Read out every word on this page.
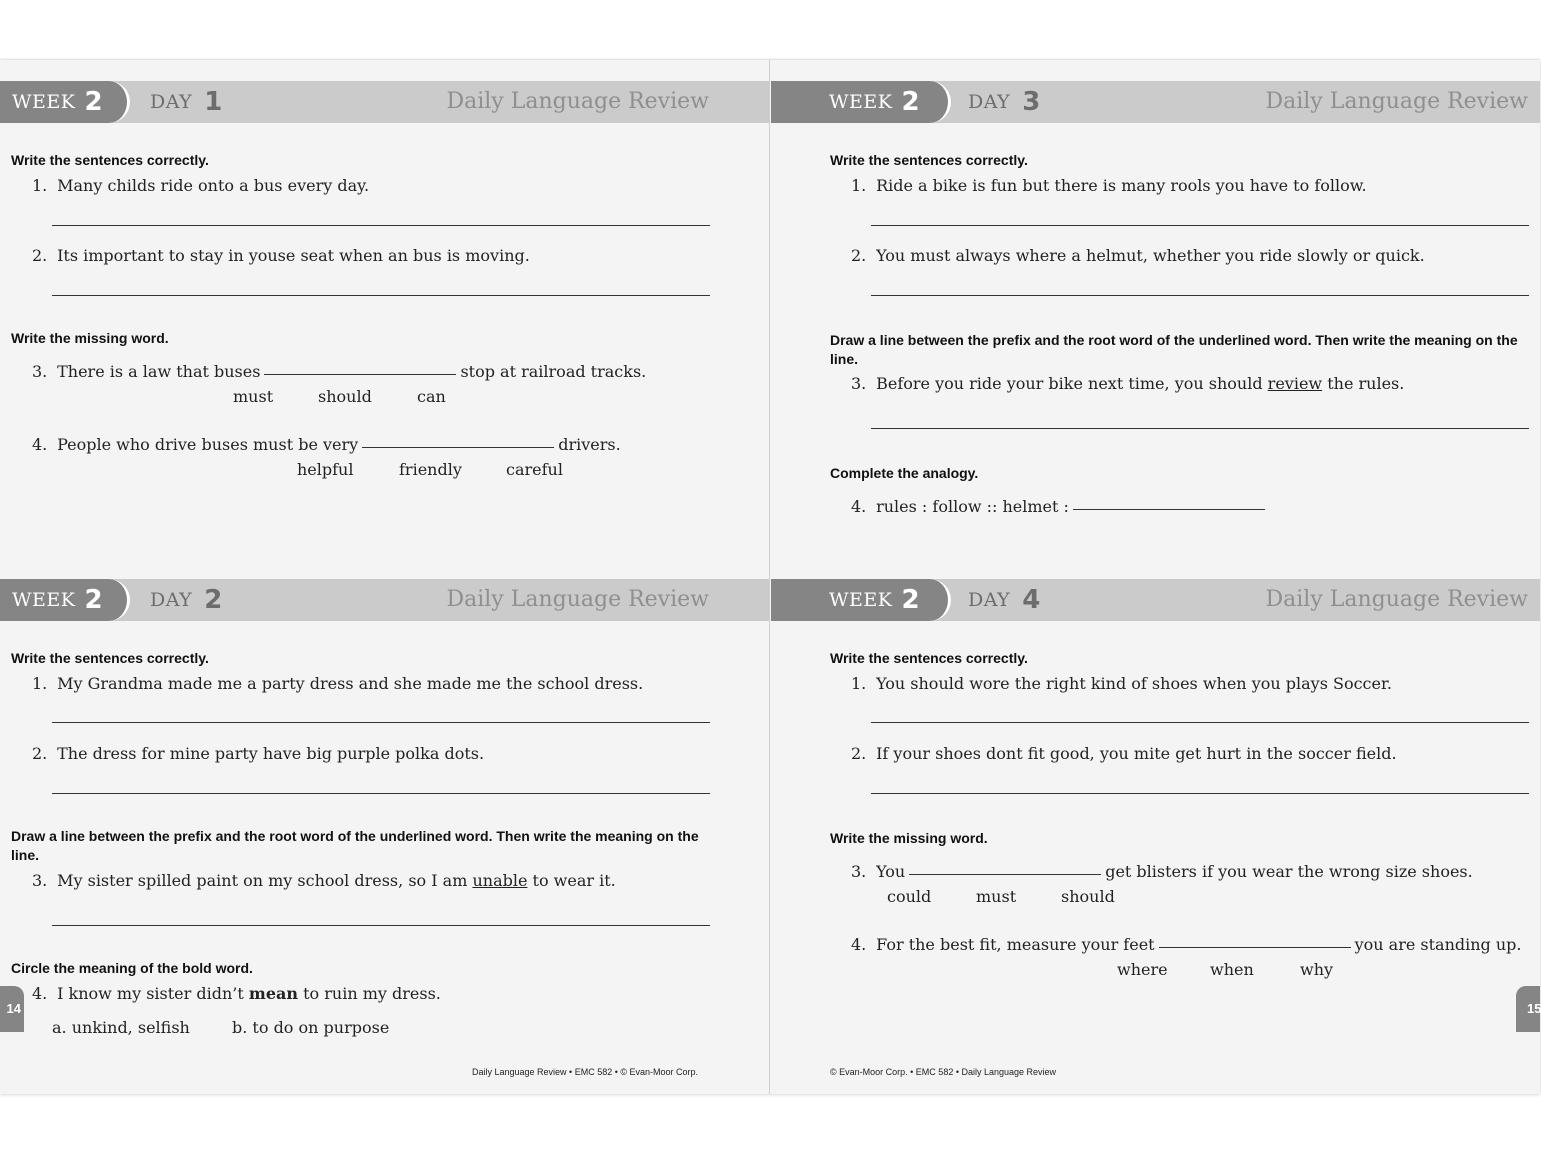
WEEK 2 DAY 1	Daily Language Review
Write the sentences correctly.
1. Many childs ride onto a bus every day.
2. Its important to stay in youse seat when an bus is moving.
Write the missing word.
3. There is a law that buses	stop at railroad tracks.
must	should	can
4. People who drive buses must be very	drivers.
helpful	friendly	careful
WEEK 2	DAY 3	Daily Language Review
Write the sentences correctly.
1. Ride a bike is fun but there is many rools you have to follow.
2. You must always where a helmut, whether you ride slowly or quick.
Draw a line between the prefix and the root word of the underlined word. Then write the meaning on the line.
3. Before you ride your bike next time, you should review the rules.
Complete the analogy.
4. rules : follow :: helmet :
WEEK 2 DAY 2	Daily Language Review
Write the sentences correctly.
1. My Grandma made me a party dress and she made me the school dress.
2. The dress for mine party have big purple polka dots.
Draw a line between the prefix and the root word of the underlined word. Then write the meaning on the line.
3. My sister spilled paint on my school dress, so I am unable to wear it.
Circle the meaning of the bold word.
4. I know my sister didn’t mean to ruin my dress.
a. unkind, selfish	b. to do on purpose
WEEK 2	DAY 4	Daily Language Review
Write the sentences correctly.
1. You should wore the right kind of shoes when you plays Soccer.
2. If your shoes dont fit good, you mite get hurt in the soccer field.
Write the missing word.
3. You	get blisters if you wear the wrong size shoes.
could	must	should
4. For the best fit, measure your feet	you are standing up.
where	when	why
14
Daily Language Review • EMC 582 • © Evan-Moor Corp.	© Evan-Moor Corp. • EMC 582 • Daily Language Review
15
